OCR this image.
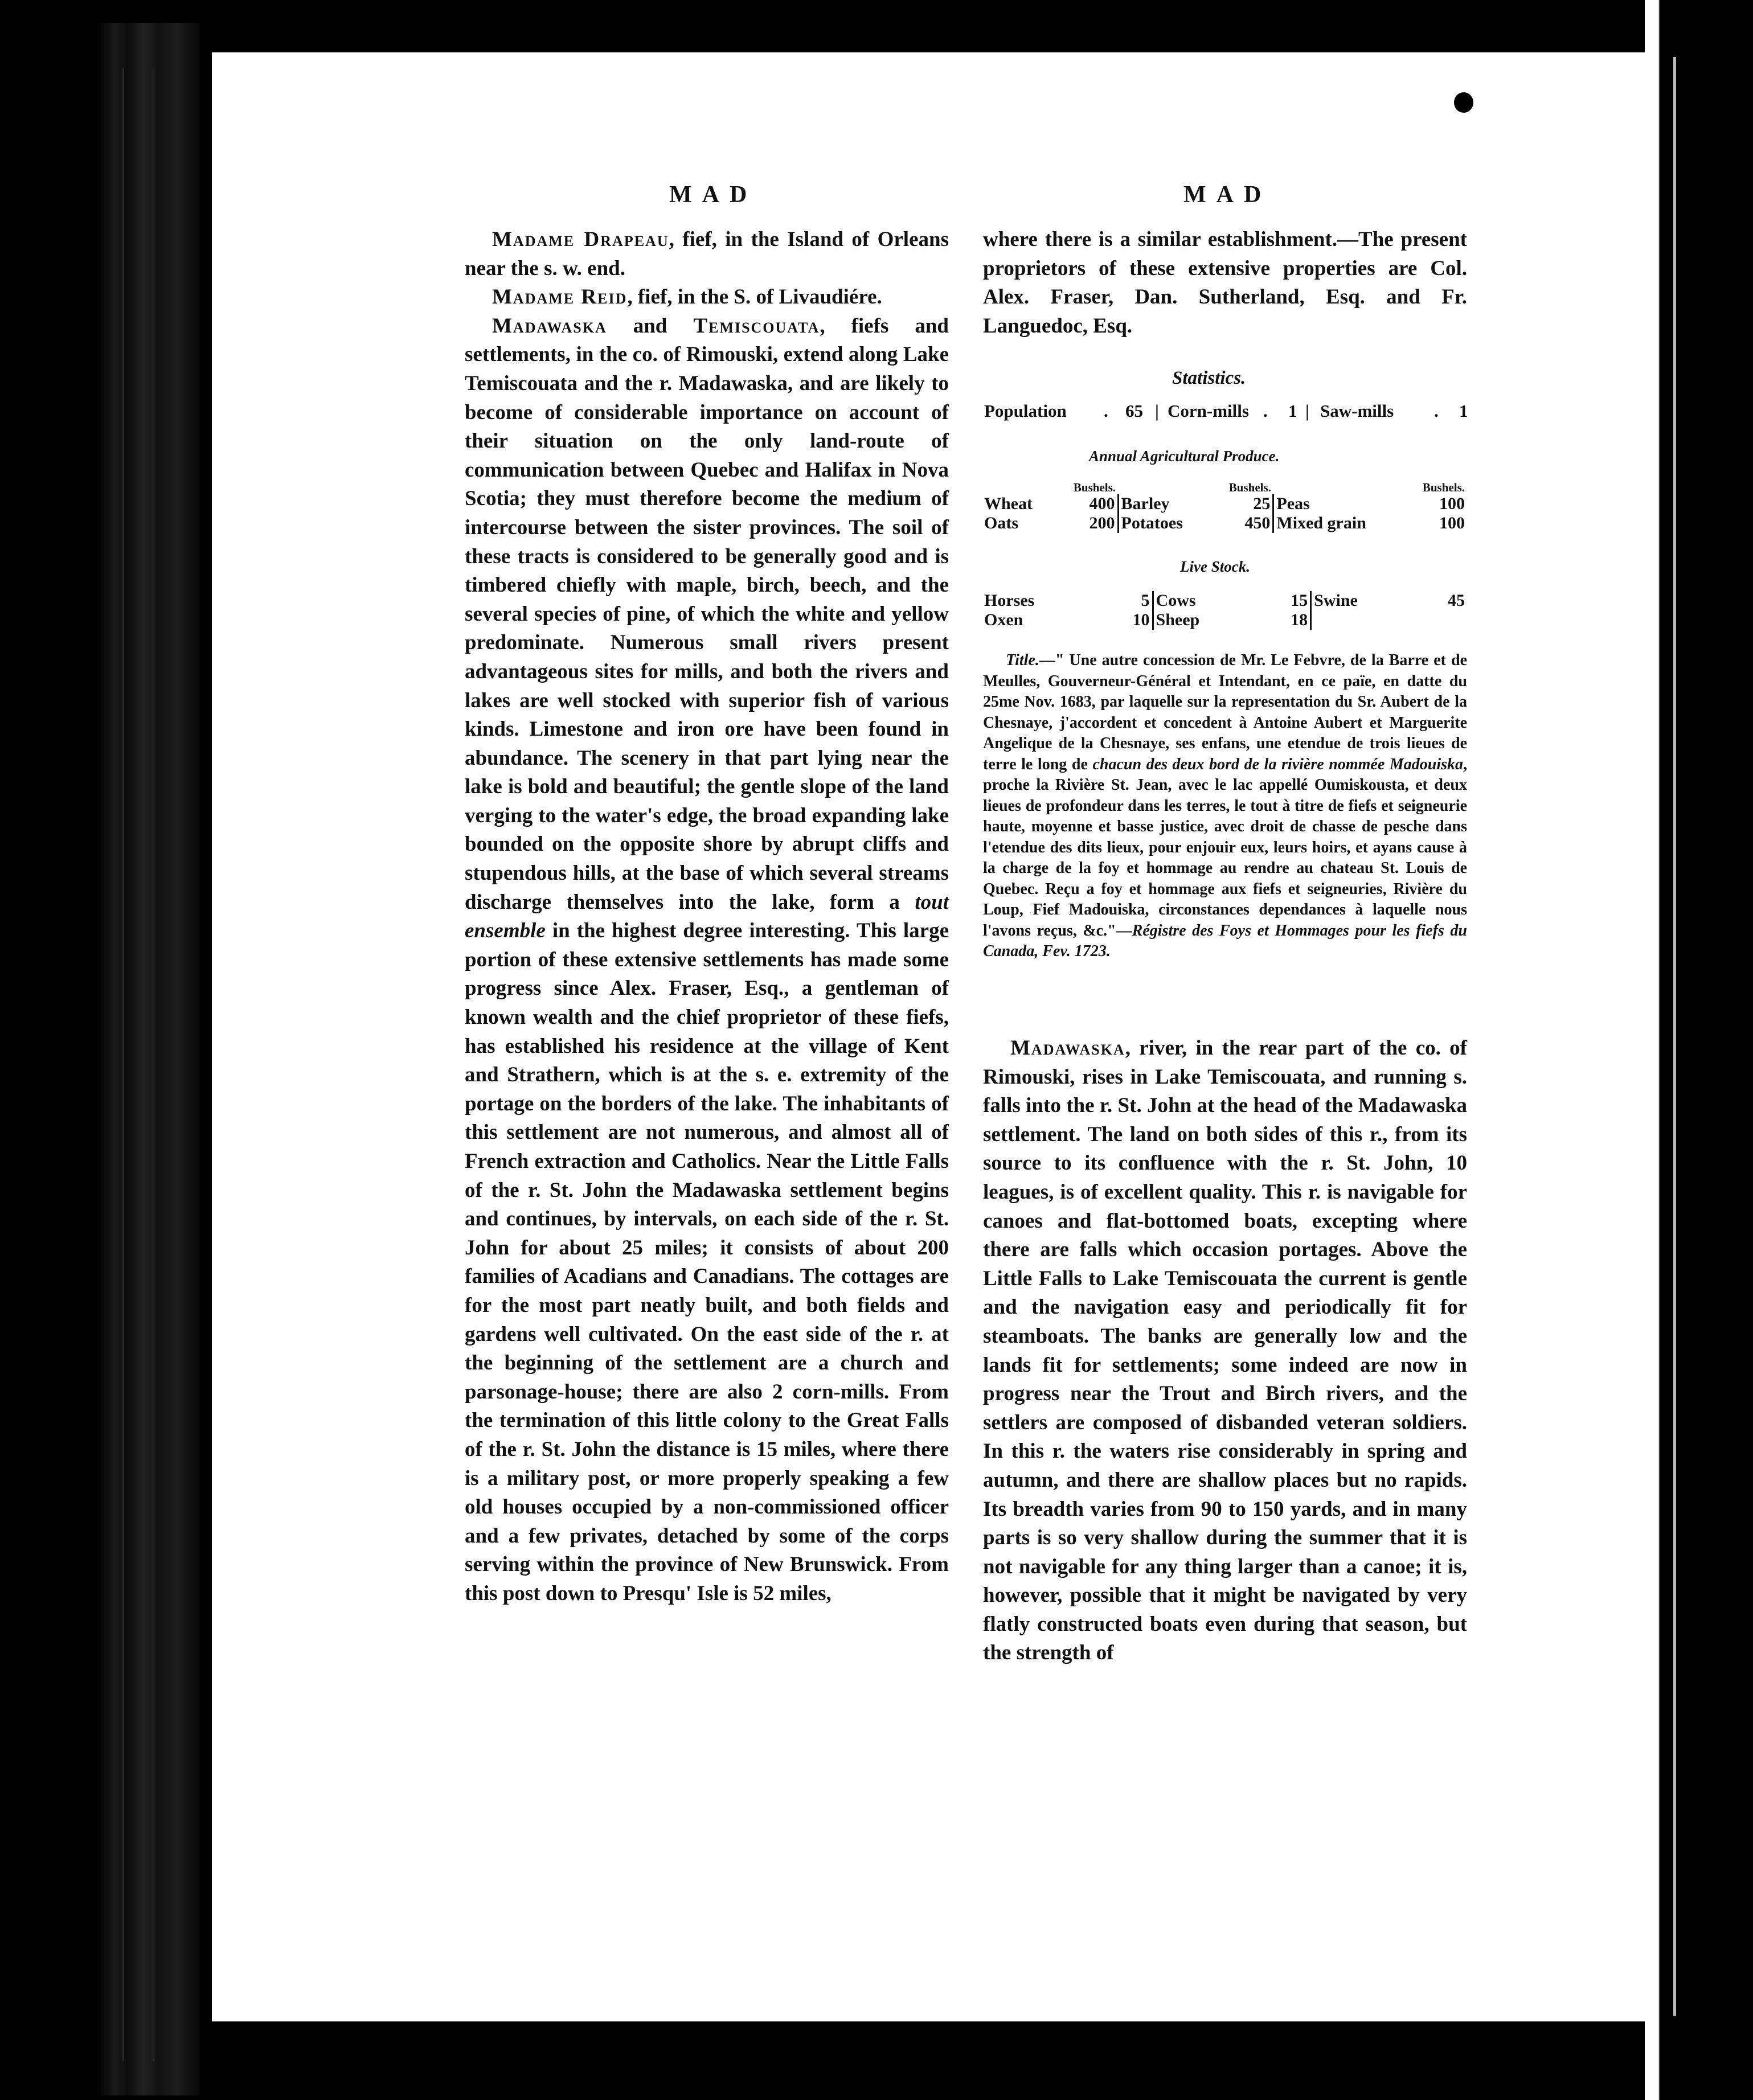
MAD	MAD

Madame Drapeau, fief, in the Island of Orleans near the s. w. end.

Madame Reid, fief, in the S. of Livaudiére.

Madawaska and Temiscouata, fiefs and settlements, in the co. of Rimouski, extend along Lake Temiscouata and the r. Madawaska, and are likely to become of considerable importance on account of their situation on the only land-route of communication between Quebec and Halifax in Nova Scotia; they must therefore become the medium of intercourse between the sister provinces. The soil of these tracts is considered to be generally good and is timbered chiefly with maple, birch, beech, and the several species of pine, of which the white and yellow predominate. Numerous small rivers present advantageous sites for mills, and both the rivers and lakes are well stocked with superior fish of various kinds. Limestone and iron ore have been found in abundance. The scenery in that part lying near the lake is bold and beautiful; the gentle slope of the land verging to the water's edge, the broad expanding lake bounded on the opposite shore by abrupt cliffs and stupendous hills, at the base of which several streams discharge themselves into the lake, form a tout ensemble in the highest degree interesting. This large portion of these extensive settlements has made some progress since Alex. Fraser, Esq., a gentleman of known wealth and the chief proprietor of these fiefs, has established his residence at the village of Kent and Strathern, which is at the s. e. extremity of the portage on the borders of the lake. The inhabitants of this settlement are not numerous, and almost all of French extraction and Catholics. Near the Little Falls of the r. St. John the Madawaska settlement begins and continues, by intervals, on each side of the r. St. John for about 25 miles; it consists of about 200 families of Acadians and Canadians. The cottages are for the most part neatly built, and both fields and gardens well cultivated. On the east side of the r. at the beginning of the settlement are a church and parsonage-house; there are also 2 corn-mills. From the termination of this little colony to the Great Falls of the r. St. John the distance is 15 miles, where there is a military post, or more properly speaking a few old houses occupied by a non-commissioned officer and a few privates, detached by some of the corps serving within the province of New Brunswick. From this post down to Presqu' Isle is 52 miles,

where there is a similar establishment.—The present proprietors of these extensive properties are Col. Alex. Fraser, Dan. Sutherland, Esq. and Fr. Languedoc, Esq.

Statistics.
Population . 65 | Corn-mills . 1 | Saw-mills . 1
Annual Agricultural Produce.
	Bushels.		Bushels.		Bushels.
Wheat	400	Barley	25	Peas	100
Oats	200	Potatoes	450	Mixed grain	100
Live Stock.
Horses	5	Cows	15	Swine	45
Oxen	10	Sheep	18		

Title.—" Une autre concession de Mr. Le Febvre, de la Barre et de Meulles, Gouverneur-Général et Intendant, en ce païe, en datte du 25me Nov. 1683, par laquelle sur la representation du Sr. Aubert de la Chesnaye, j'accordent et concedent à Antoine Aubert et Marguerite Angelique de la Chesnaye, ses enfans, une etendue de trois lieues de terre le long de chacun des deux bord de la rivière nommée Madouiska, proche la Rivière St. Jean, avec le lac appellé Oumiskousta, et deux lieues de profondeur dans les terres, le tout à titre de fiefs et seigneurie haute, moyenne et basse justice, avec droit de chasse de pesche dans l'etendue des dits lieux, pour enjouir eux, leurs hoirs, et ayans cause à la charge de la foy et hommage au rendre au chateau St. Louis de Quebec. Reçu a foy et hommage aux fiefs et seigneuries, Rivière du Loup, Fief Madouiska, circonstances dependances à laquelle nous l'avons reçus, &c."—Régistre des Foys et Hommages pour les fiefs du Canada, Fev. 1723.

Madawaska, river, in the rear part of the co. of Rimouski, rises in Lake Temiscouata, and running s. falls into the r. St. John at the head of the Madawaska settlement. The land on both sides of this r., from its source to its confluence with the r. St. John, 10 leagues, is of excellent quality. This r. is navigable for canoes and flat-bottomed boats, excepting where there are falls which occasion portages. Above the Little Falls to Lake Temiscouata the current is gentle and the navigation easy and periodically fit for steamboats. The banks are generally low and the lands fit for settlements; some indeed are now in progress near the Trout and Birch rivers, and the settlers are composed of disbanded veteran soldiers. In this r. the waters rise considerably in spring and autumn, and there are shallow places but no rapids. Its breadth varies from 90 to 150 yards, and in many parts is so very shallow during the summer that it is not navigable for any thing larger than a canoe; it is, however, possible that it might be navigated by very flatly constructed boats even during that season, but the strength of
